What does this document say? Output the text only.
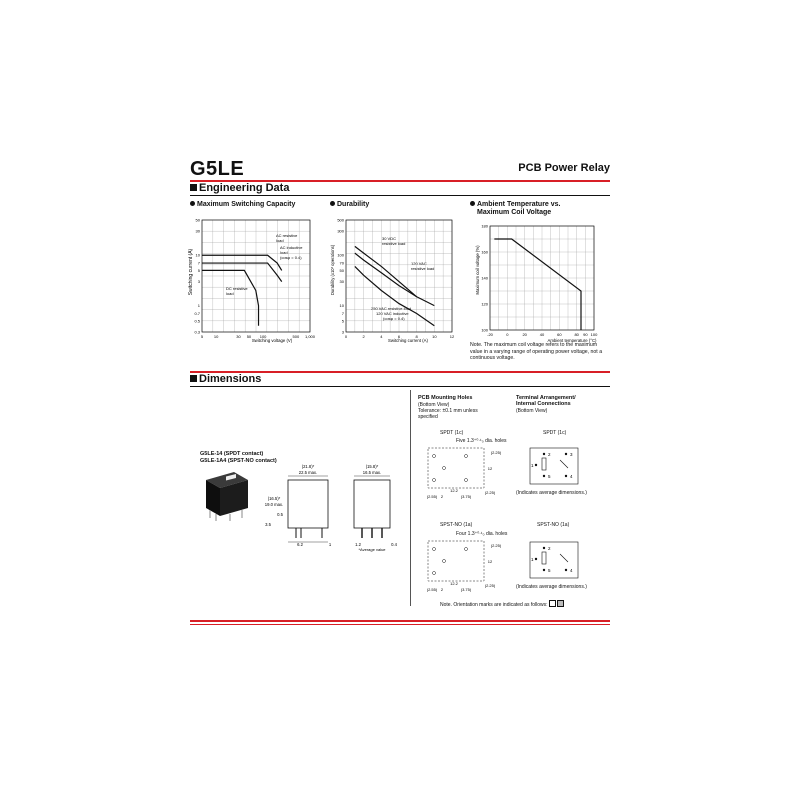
G5LE	PCB Power Relay
Engineering Data
Maximum Switching Capacity	Durability	Ambient Temperature vs.
Maximum Coil Voltage
Switching current (A)
Switching voltage (V)
AC resistive
load
AC inductive
load
(cosφ = 0.4)
DC resistive
load
50
30
10
7
5
3
1
0.7
0.5
0.3
5	10	30 50 100	500 1,000
Durability (x10³ operations)
Switching current (A)
30 VDC
resistive load
120 VAC
resistive load
250 VAC resistive load
120 VAC inductive
(cosφ = 0.4)
500
300
100
70
50
30
10
7
5
3
0	2	4	6	8	10	12
Maximum coil voltage (%)
Ambient temperature (°C)
180
160
140
120
100
-20	0	20	40	60	80 90 100
Note. The maximum coil voltage refers to the maximum value in a varying range of operating power voltage, not a continuous voltage.
Dimensions
G5LE-14 (SPDT contact)
G5LE-1A4 (SPST-NO contact)
(21.8)*
22.5 max.
(16.5)*
19.0 max.
0.5
3.5
6.2	1
(15.8)*
16.5 max.
1.2	0.4
*Average value
PCB Mounting Holes
(Bottom View)
Tolerance: ±0.1 mm unless specified
SPDT (1c)
Five 1.3⁺⁰⋅¹₀ dia. holes
(2.25)
12
12.2
(2.55) 2	(3.75)
(2.25)
SPST-NO (1a)
Four 1.3⁺⁰⋅¹₀ dia. holes
(2.25)
12
12.2
(2.55) 2	(3.75)
(2.25)
Terminal Arrangement/
Internal Connections
(Bottom View)
SPDT (1c)
2	3
4
5
1
(Indicates average dimensions.)
SPST-NO (1a)
2
4
5
1
(Indicates average dimensions.)
Note. Orientation marks are indicated as follows:
